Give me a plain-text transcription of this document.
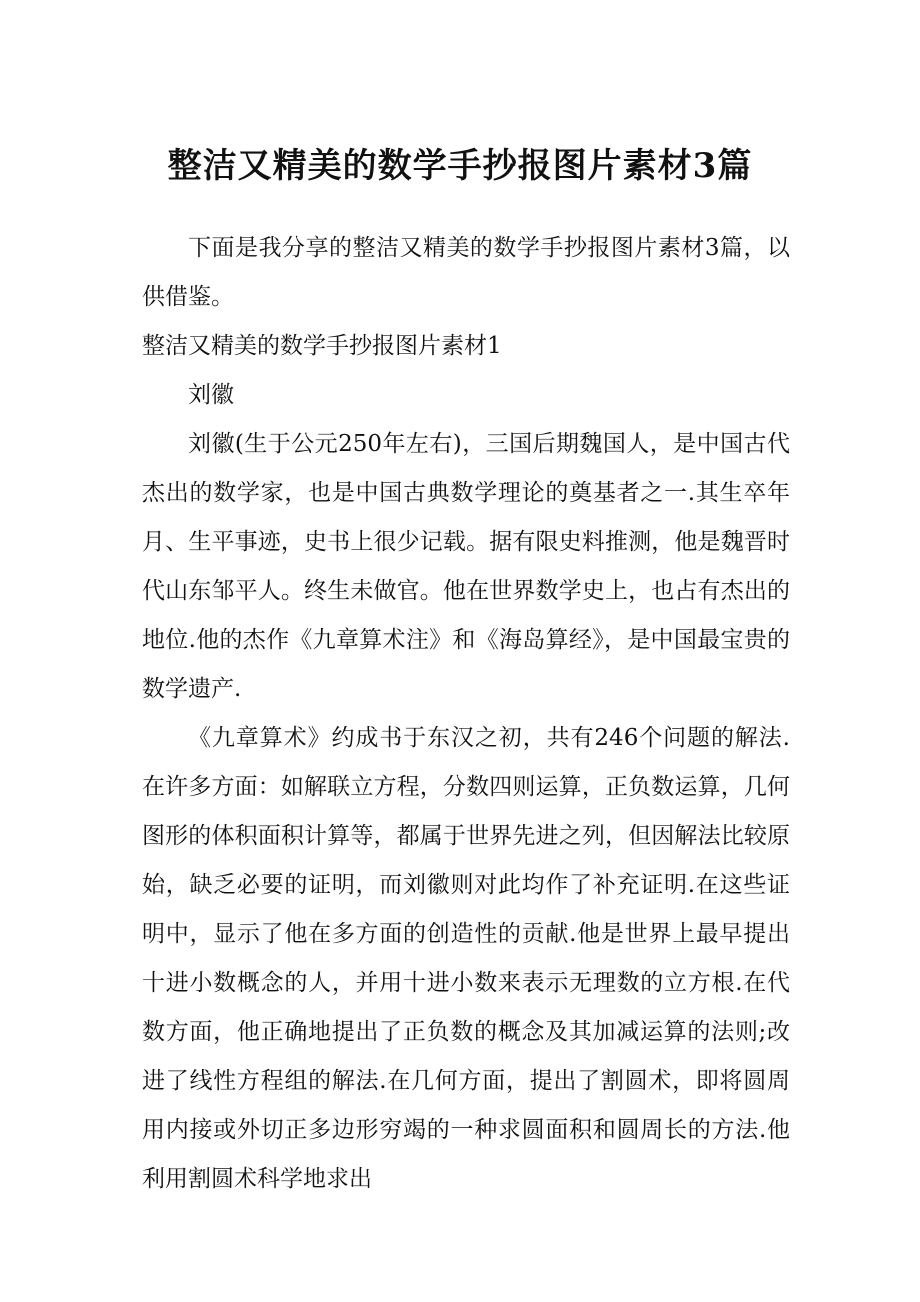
整洁又精美的数学手抄报图片素材3篇

下面是我分享的整洁又精美的数学手抄报图片素材3篇，以供借鉴。

整洁又精美的数学手抄报图片素材1

刘徽

刘徽(生于公元250年左右)，三国后期魏国人，是中国古代杰出的数学家，也是中国古典数学理论的奠基者之一.其生卒年月、生平事迹，史书上很少记载。据有限史料推测，他是魏晋时代山东邹平人。终生未做官。他在世界数学史上，也占有杰出的地位.他的杰作《九章算术注》和《海岛算经》，是中国最宝贵的数学遗产.

《九章算术》约成书于东汉之初，共有246个问题的解法.在许多方面：如解联立方程，分数四则运算，正负数运算，几何图形的体积面积计算等，都属于世界先进之列，但因解法比较原始，缺乏必要的证明，而刘徽则对此均作了补充证明.在这些证明中，显示了他在多方面的创造性的贡献.他是世界上最早提出十进小数概念的人，并用十进小数来表示无理数的立方根.在代数方面，他正确地提出了正负数的概念及其加减运算的法则;改进了线性方程组的解法.在几何方面，提出了割圆术，即将圆周用内接或外切正多边形穷竭的一种求圆面积和圆周长的方法.他利用割圆术科学地求出
